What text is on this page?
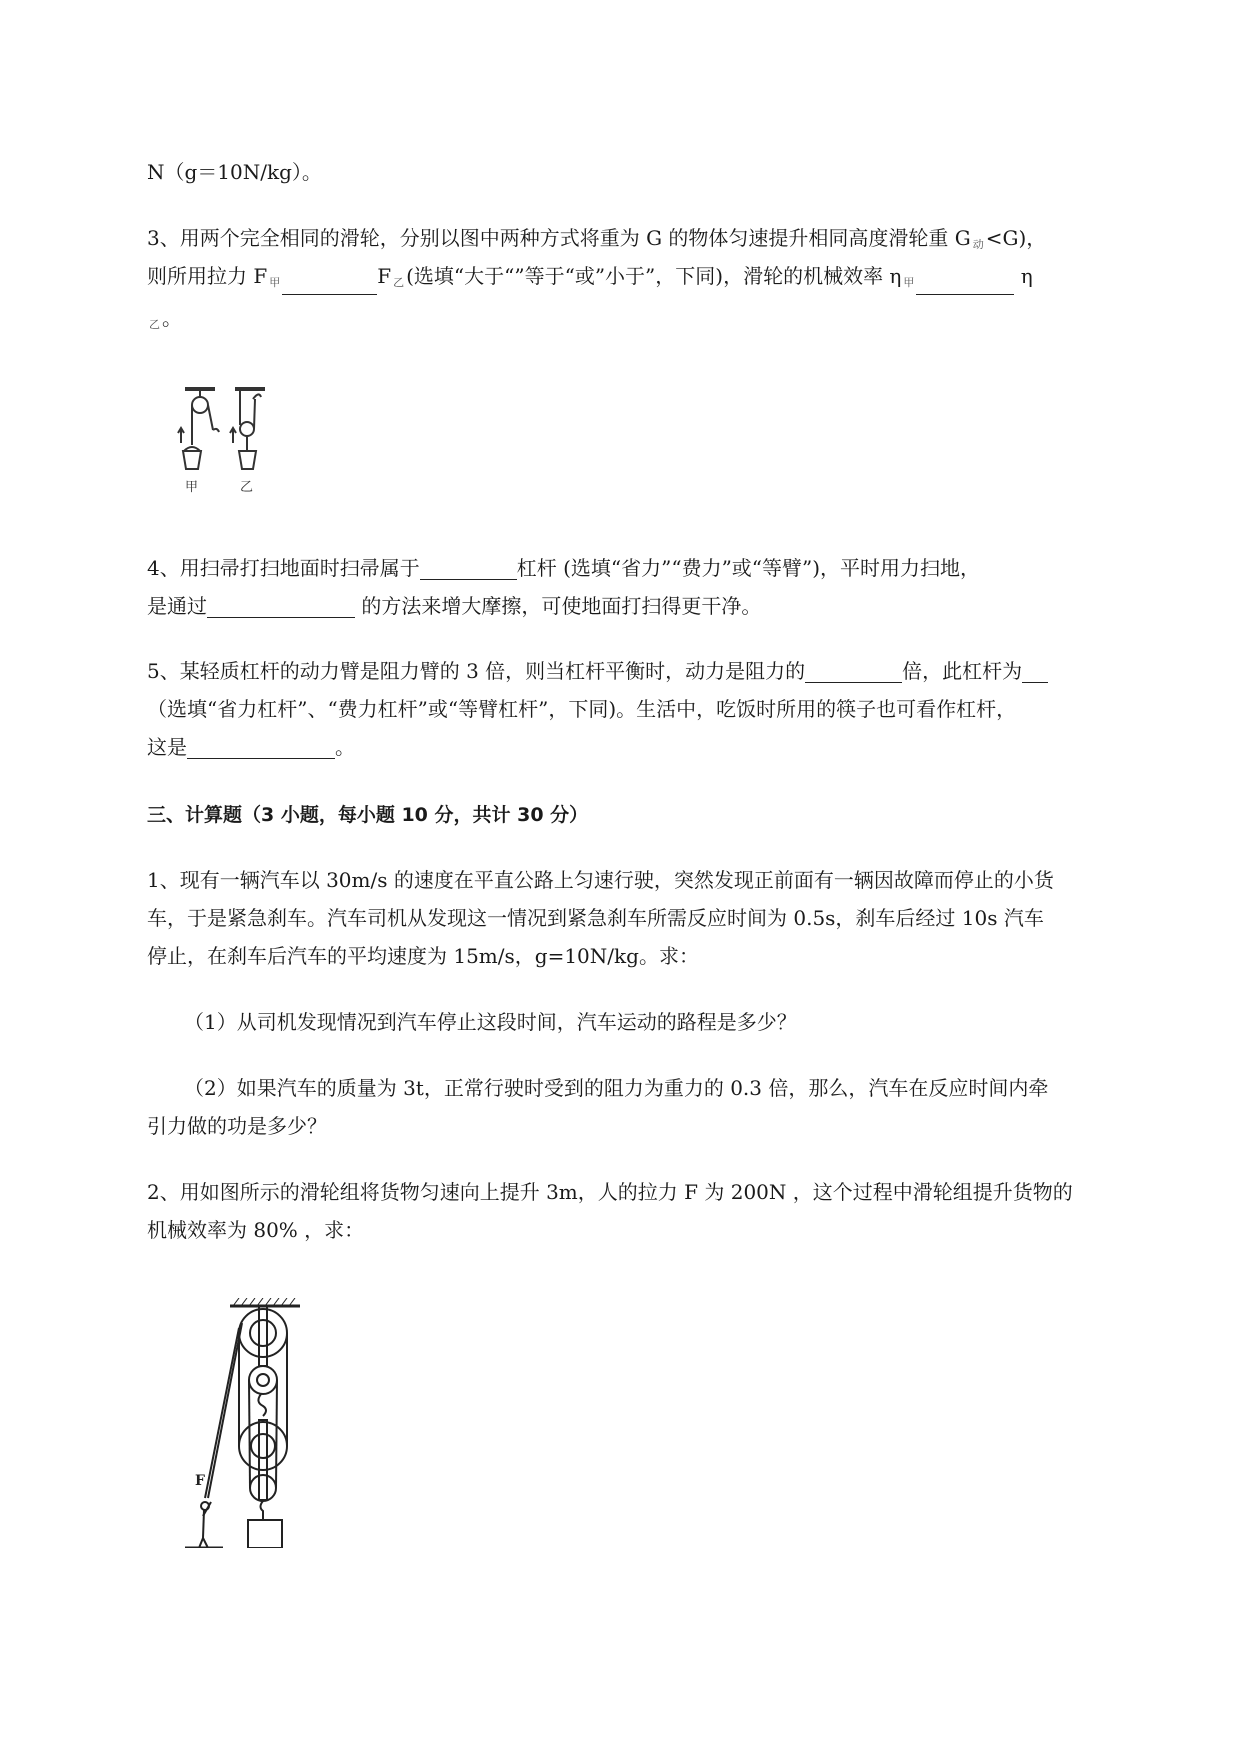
N（g＝10N/kg）。
3、用两个完全相同的滑轮，分别以图中两种方式将重为 G 的物体匀速提升相同高度滑轮重 G $_动$ <G)，
则所用拉力 F $_甲$	F $_乙$ (选填“大于“”等于“或”小于”，下同)，滑轮的机械效率 η $_甲$	η
$_乙$ 。
甲	乙
4、用扫帚打扫地面时扫帚属于	杠杆 (选填“省力”“费力”或“等臂”)，平时用力扫地，
是通过	的方法来增大摩擦，可使地面打扫得更干净。
5、某轻质杠杆的动力臂是阻力臂的 3 倍，则当杠杆平衡时，动力是阻力的	倍，此杠杆为
（选填“省力杠杆”、“费力杠杆”或“等臂杠杆”，下同)。生活中，吃饭时所用的筷子也可看作杠杆，
这是	。
三、计算题（3 小题，每小题 10 分，共计 30 分）
1、现有一辆汽车以 30m/s 的速度在平直公路上匀速行驶，突然发现正前面有一辆因故障而停止的小货
车，于是紧急刹车。汽车司机从发现这一情况到紧急刹车所需反应时间为 0.5s，刹车后经过 10s 汽车
停止，在刹车后汽车的平均速度为 15m/s，g=10N/kg。求：
（1）从司机发现情况到汽车停止这段时间，汽车运动的路程是多少？
（2）如果汽车的质量为 3t，正常行驶时受到的阻力为重力的 0.3 倍，那么，汽车在反应时间内牵
引力做的功是多少？
2、用如图所示的滑轮组将货物匀速向上提升 3m，人的拉力 F 为 200N ，这个过程中滑轮组提升货物的
机械效率为 80% ，求：
F
